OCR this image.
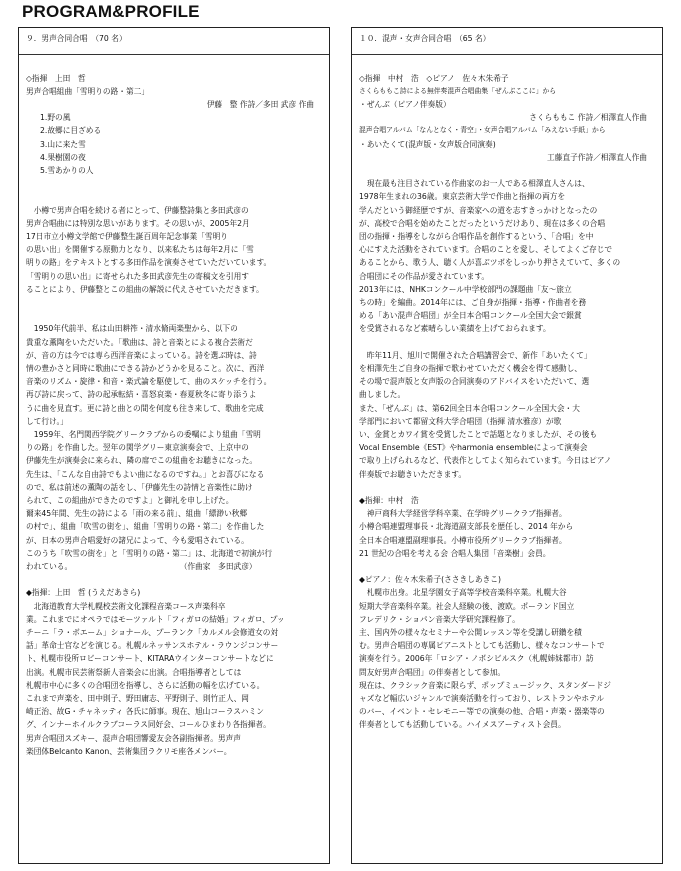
PROGRAM&PROFILE
９．男声合同合唱　（70 名）
◇指揮　上田　哲
男声合唱組曲「雪明りの路・第二」
伊藤　整 作詩／多田 武彦 作曲
1.野の風
2.故郷に目ざめる
3.山に来た雪
4.果樹園の夜
5.雪あかりの人
小樽で男声合唱を続ける者にとって、伊藤整詩集と多田武彦の
男声合唱曲には特別な思いがあります。その思いが、2005年2月
17日市立小樽文学館で伊藤整生誕百周年記念事業「雪明り
の思い出」を開催する原動力となり、以来私たちは毎年2月に「雪
明りの路」をテキストとする多田作品を演奏させていただいています。
「雪明りの思い出」に寄せられた多田武彦先生の寄稿文を引用す
ることにより、伊藤整とこの組曲の解説に代えさせていただきます。
1950年代前半、私は山田耕筰・清水脩両楽聖から、以下の
貴重な薫陶をいただいた。「歌曲は、詩と音楽とによる複合芸術だ
が、音の方は今では専ら西洋音楽によっている。詩を選ぶ時は、詩
情の豊かさと同時に歌曲にできる詩かどうかを見ること。次に、西洋
音楽のリズム・旋律・和音・楽式論を駆使して、曲のスケッチを行う。
再び詩に戻って、詩の起承転結・喜怒哀楽・春夏秋冬に寄り添うよ
うに曲を見直す。更に詩と曲との間を何度も往き来して、歌曲を完成
して行け。」
1959年、名門関西学院グリークラブからの委嘱により組曲「雪明
りの路」を作曲した。翌年の関学グリー東京演奏会で、上京中の
伊藤先生が演奏会に来られ、隣の席でこの組曲をお聴きになった。
先生は、「こんな自由詩でもよい曲になるのですね。」とお喜びになる
ので、私は前述の薫陶の話をし、「伊藤先生の詩情と音楽性に助け
られて、この組曲ができたのですよ」と御礼を申し上げた。
爾来45年間、先生の詩による「雨の来る前」、組曲「縹渺い秋郷
の村で」、組曲「吹雪の街を」、組曲「雪明りの路・第二」を作曲した
が、日本の男声合唱愛好の諸兄によって、今も愛唱されている。
このうち「吹雪の街を」と「雪明りの路・第二」は、北海道で初演が行
われている。　　　　　　　　　　　　　　　（作曲家　多田武彦）
◆指揮：上田　哲 (うえだあきら)
北海道教育大学札幌校芸術文化課程音楽コース声楽科卒
業。これまでにオペラではモーツァルト「フィガロの結婚」フィガロ、プッ
チーニ「ラ・ボエーム」ショナール、プーランク「カルメル会修道女の対
話」革命士官などを演じる。札幌ルネッサンスホテル・ラウンジコンサー
ト、札幌市役所ロビーコンサート、KITARAウインターコンサートなどに
出演。札幌市民芸術祭新人音楽会に出演。合唱指導者としては
札幌市中心に多くの合唱団を指導し、さらに活動の幅を広げている。
これまで声楽を、田中則子、野田庸志、平野則子、則竹正人、岡
崎正治、故G・チャネッティ 各氏に師事。現在、旭山コーラスハミン
グ、インナーホイルクラブコーラス同好会、コールひまわり各指揮者。
男声合唱団スズキー、混声合唱団響愛友会各副指揮者。男声声
楽団体Belcanto Kanon、芸術集団ラクリモ座各メンバー。
１０．混声・女声合同合唱　（65 名）
◇指揮　中村　浩　◇ピアノ　佐々木朱希子
さくらももこ詩による無伴奏混声合唱曲集「ぜんぶここに」から
・ぜんぶ（ピアノ伴奏版）
さくらももこ 作詩／相澤直人作曲
混声合唱アルバム「なんとなく・青空」・女声合唱アルバム「みえない手紙」から
・あいたくて(混声版・女声版合同演奏)
工藤直子作詩／相澤直人作曲
現在最も注目されている作曲家のお一人である相澤直人さんは、
1978年生まれの36歳。東京芸術大学で作曲と指揮の両方を
学んだという御経歴ですが、音楽家への道を志すきっかけとなったの
が、高校で合唱を始めたことだったというだけあり、現在は多くの合唱
団の指揮・指導をしながら合唱作品を創作するという、「合唱」を中
心にすえた活動をされています。合唱のことを愛し、そしてよくご存じで
あることから、歌う人、聴く人が喜ぶツボをしっかり押さえていて、多くの
合唱団にその作品が愛されています。
2013年には、NHKコンクール中学校部門の課題曲「友～旅立
ちの時」を編曲。2014年には、ご自身が指揮・指導・作曲者を務
める「あい混声合唱団」が全日本合唱コンクール全国大会で銀賞
を受賞されるなど素晴らしい業績を上げておられます。
昨年11月、旭川で開催された合唱講習会で、新作「あいたくて」
を相澤先生ご自身の指揮で歌わせていただく機会を得て感動し、
その場で混声版と女声版の合同演奏のアドバイスをいただいて、選
曲しました。
また、「ぜんぶ」は、第62回全日本合唱コンクール全国大会・大
学部門において都留文科大学合唱団（指揮 清水雅彦）が歌
い、金賞とカワイ賞を受賞したことで話題となりましたが、その後も
Vocal Ensemble《EST》やharmonia ensembleによって演奏会
で取り上げられるなど、代表作としてよく知られています。今日はピアノ
伴奏版でお聴きいただきます。
◆指揮：中村　浩
神戸商科大学経営学科卒業、在学時グリークラブ指揮者。
小樽合唱連盟理事長・北海道副支部長を歴任し、2014 年から
全日本合唱連盟副理事長。小樽市役所グリークラブ指揮者。
21 世紀の合唱を考える会 合唱人集団「音楽樹」会員。
◆ピアノ：佐々木朱希子(ささきしあきこ)
札幌市出身。北星学園女子高等学校音楽科卒業。札幌大谷
短期大学音楽科卒業。社会人経験の後、渡欧。ポーランド国立
フレデリク・ショパン音楽大学研究課程修了。
主、国内外の様々なセミナーや公開レッスン等を受講し研鑽を積
む。男声合唱団の専属ピアニストとしても活動し、様々なコンサートで
演奏を行う。2006年「ロシア・ノボシビルスク（札幌姉妹都市）訪
問友好男声合唱団」の伴奏者として参加。
現在は、クラシック音楽に限らず、ポップミュージック、スタンダードジ
ャズなど幅広いジャンルで演奏活動を行っており、レストランやホテル
のバー、イベント・セレモニー等での演奏の他、合唱・声楽・器楽等の
伴奏者としても活動している。ハイメスアーティスト会員。
